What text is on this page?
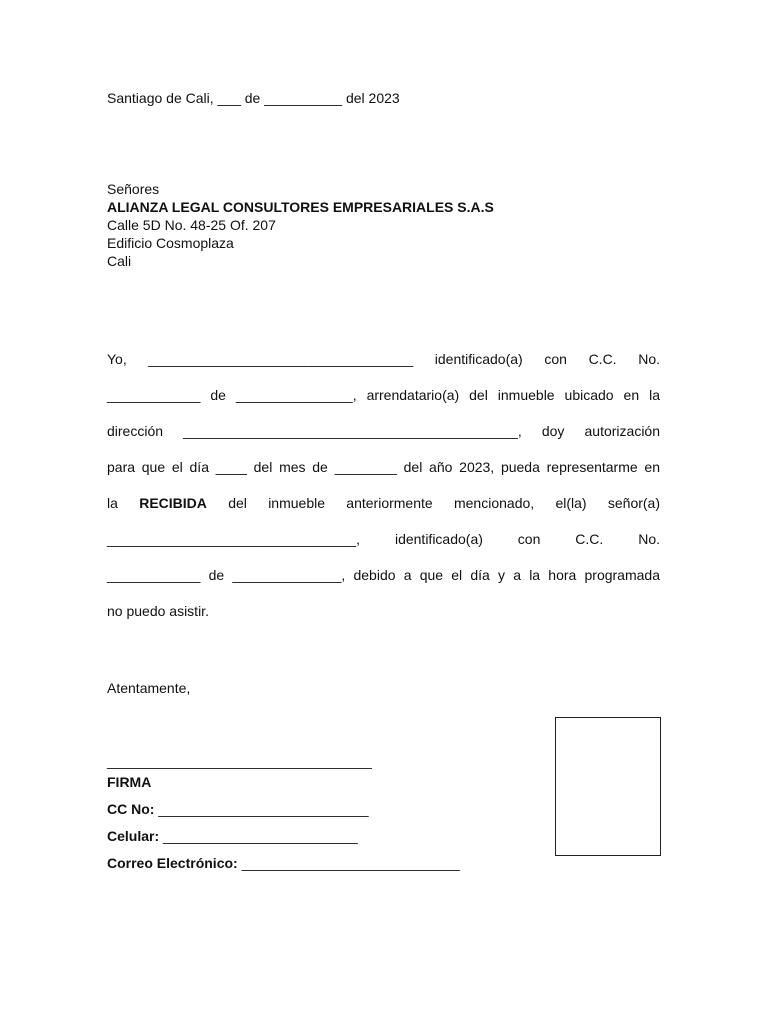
Santiago de Cali, ___ de __________ del 2023
Señores
ALIANZA LEGAL CONSULTORES EMPRESARIALES S.A.S
Calle 5D No. 48-25 Of. 207
Edificio Cosmoplaza
Cali
Yo, __________________________________ identificado(a) con C.C. No.
____________ de _______________, arrendatario(a) del inmueble ubicado en la
dirección ___________________________________________, doy autorización
para que el día ____ del mes de ________ del año 2023, pueda representarme en
la RECIBIDA del inmueble anteriormente mencionado, el(la) señor(a)
________________________________, identificado(a) con C.C. No.
____________ de ______________, debido a que el día y a la hora programada
no puedo asistir.
Atentamente,
__________________________________
FIRMA
CC No: ___________________________
Celular: _________________________
Correo Electrónico: ____________________________
